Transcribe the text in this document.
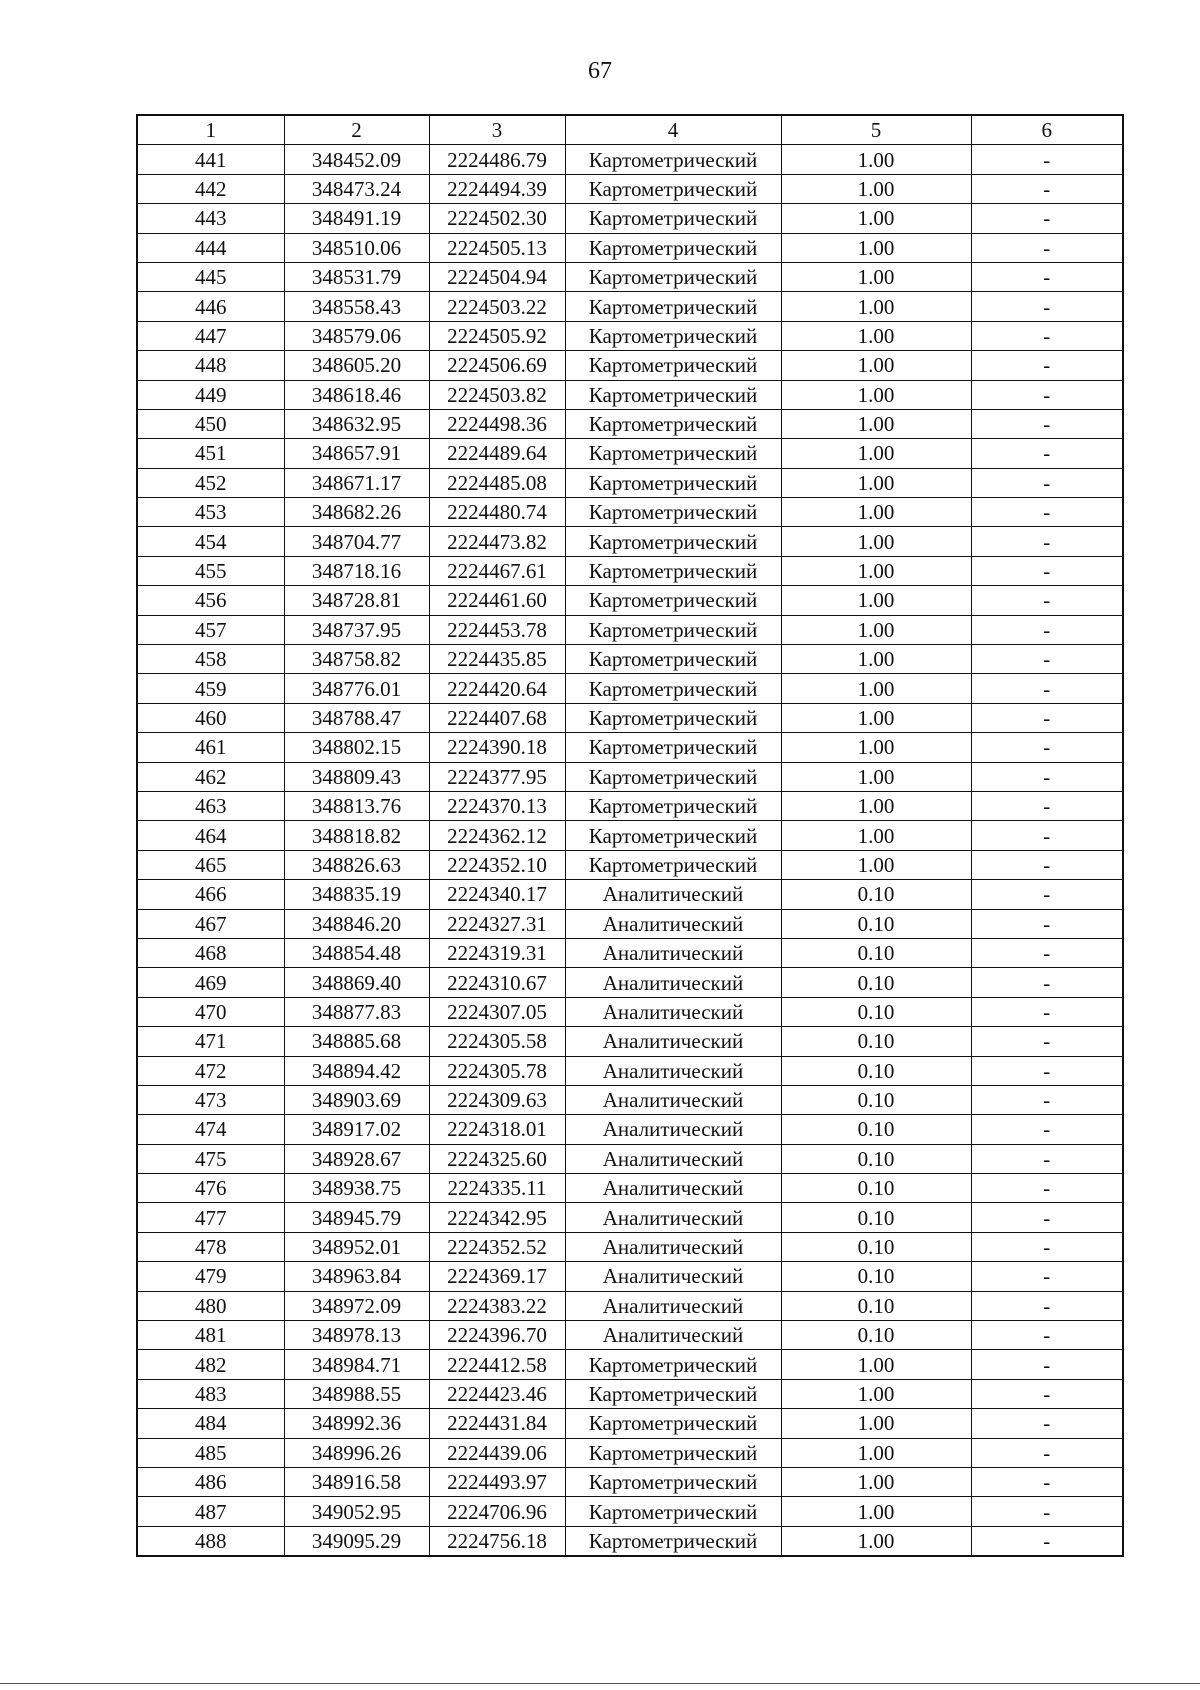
67
1	2	3	4	5	6
441	348452.09	2224486.79	Картометрический	1.00	-
442	348473.24	2224494.39	Картометрический	1.00	-
443	348491.19	2224502.30	Картометрический	1.00	-
444	348510.06	2224505.13	Картометрический	1.00	-
445	348531.79	2224504.94	Картометрический	1.00	-
446	348558.43	2224503.22	Картометрический	1.00	-
447	348579.06	2224505.92	Картометрический	1.00	-
448	348605.20	2224506.69	Картометрический	1.00	-
449	348618.46	2224503.82	Картометрический	1.00	-
450	348632.95	2224498.36	Картометрический	1.00	-
451	348657.91	2224489.64	Картометрический	1.00	-
452	348671.17	2224485.08	Картометрический	1.00	-
453	348682.26	2224480.74	Картометрический	1.00	-
454	348704.77	2224473.82	Картометрический	1.00	-
455	348718.16	2224467.61	Картометрический	1.00	-
456	348728.81	2224461.60	Картометрический	1.00	-
457	348737.95	2224453.78	Картометрический	1.00	-
458	348758.82	2224435.85	Картометрический	1.00	-
459	348776.01	2224420.64	Картометрический	1.00	-
460	348788.47	2224407.68	Картометрический	1.00	-
461	348802.15	2224390.18	Картометрический	1.00	-
462	348809.43	2224377.95	Картометрический	1.00	-
463	348813.76	2224370.13	Картометрический	1.00	-
464	348818.82	2224362.12	Картометрический	1.00	-
465	348826.63	2224352.10	Картометрический	1.00	-
466	348835.19	2224340.17	Аналитический	0.10	-
467	348846.20	2224327.31	Аналитический	0.10	-
468	348854.48	2224319.31	Аналитический	0.10	-
469	348869.40	2224310.67	Аналитический	0.10	-
470	348877.83	2224307.05	Аналитический	0.10	-
471	348885.68	2224305.58	Аналитический	0.10	-
472	348894.42	2224305.78	Аналитический	0.10	-
473	348903.69	2224309.63	Аналитический	0.10	-
474	348917.02	2224318.01	Аналитический	0.10	-
475	348928.67	2224325.60	Аналитический	0.10	-
476	348938.75	2224335.11	Аналитический	0.10	-
477	348945.79	2224342.95	Аналитический	0.10	-
478	348952.01	2224352.52	Аналитический	0.10	-
479	348963.84	2224369.17	Аналитический	0.10	-
480	348972.09	2224383.22	Аналитический	0.10	-
481	348978.13	2224396.70	Аналитический	0.10	-
482	348984.71	2224412.58	Картометрический	1.00	-
483	348988.55	2224423.46	Картометрический	1.00	-
484	348992.36	2224431.84	Картометрический	1.00	-
485	348996.26	2224439.06	Картометрический	1.00	-
486	348916.58	2224493.97	Картометрический	1.00	-
487	349052.95	2224706.96	Картометрический	1.00	-
488	349095.29	2224756.18	Картометрический	1.00	-
